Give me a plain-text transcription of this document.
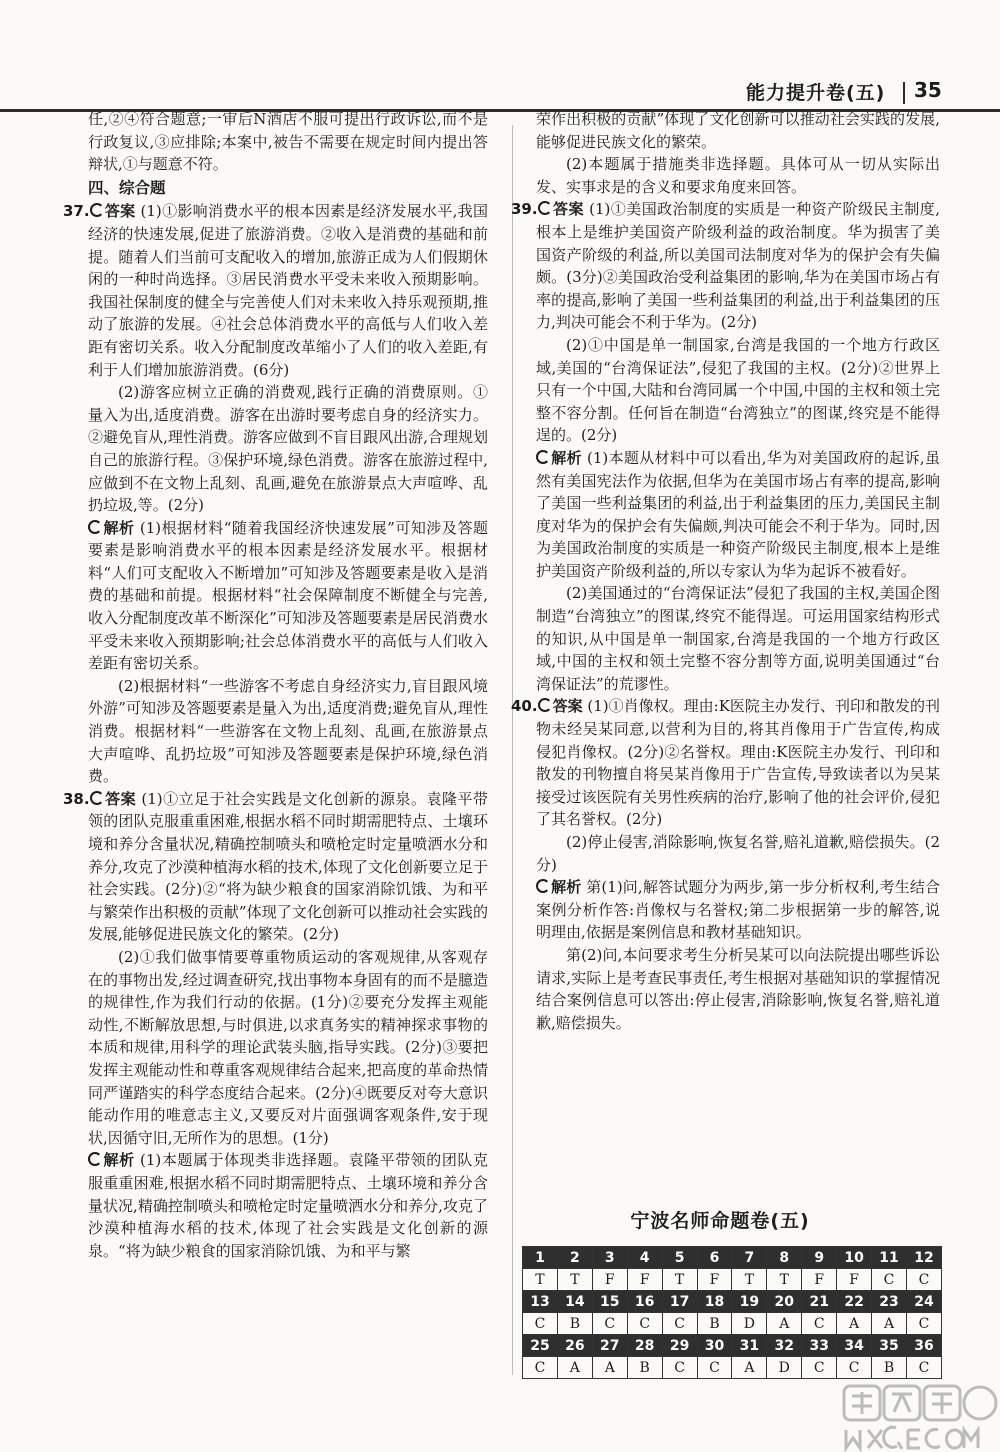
能力提升卷(五) 35

任,②④符合题意;一审后N酒店不服可提出行政诉讼,而不是行政复议,③应排除;本案中,被告不需要在规定时间内提出答辩状,①与题意不符。

四、综合题

37. 答案 (1)①影响消费水平的根本因素是经济发展水平,我国经济的快速发展,促进了旅游消费。②收入是消费的基础和前提。随着人们当前可支配收入的增加,旅游正成为人们假期休闲的一种时尚选择。③居民消费水平受未来收入预期影响。我国社保制度的健全与完善使人们对未来收入持乐观预期,推动了旅游的发展。④社会总体消费水平的高低与人们收入差距有密切关系。收入分配制度改革缩小了人们的收入差距,有利于人们增加旅游消费。(6分)

(2)游客应树立正确的消费观,践行正确的消费原则。①量入为出,适度消费。游客在出游时要考虑自身的经济实力。②避免盲从,理性消费。游客应做到不盲目跟风出游,合理规划自己的旅游行程。③保护环境,绿色消费。游客在旅游过程中,应做到不在文物上乱刻、乱画,避免在旅游景点大声喧哗、乱扔垃圾,等。(2分)

解析 (1)根据材料“随着我国经济快速发展”可知涉及答题要素是影响消费水平的根本因素是经济发展水平。根据材料“人们可支配收入不断增加”可知涉及答题要素是收入是消费的基础和前提。根据材料“社会保障制度不断健全与完善,收入分配制度改革不断深化”可知涉及答题要素是居民消费水平受未来收入预期影响;社会总体消费水平的高低与人们收入差距有密切关系。

(2)根据材料“一些游客不考虑自身经济实力,盲目跟风境外游”可知涉及答题要素是量入为出,适度消费;避免盲从,理性消费。根据材料“一些游客在文物上乱刻、乱画,在旅游景点大声喧哗、乱扔垃圾”可知涉及答题要素是保护环境,绿色消费。

38. 答案 (1)①立足于社会实践是文化创新的源泉。袁隆平带领的团队克服重重困难,根据水稻不同时期需肥特点、土壤环境和养分含量状况,精确控制喷头和喷枪定时定量喷洒水分和养分,攻克了沙漠种植海水稻的技术,体现了文化创新要立足于社会实践。(2分)②“将为缺少粮食的国家消除饥饿、为和平与繁荣作出积极的贡献”体现了文化创新可以推动社会实践的发展,能够促进民族文化的繁荣。(2分)

(2)①我们做事情要尊重物质运动的客观规律,从客观存在的事物出发,经过调查研究,找出事物本身固有的而不是臆造的规律性,作为我们行动的依据。(1分)②要充分发挥主观能动性,不断解放思想,与时俱进,以求真务实的精神探求事物的本质和规律,用科学的理论武装头脑,指导实践。(2分)③要把发挥主观能动性和尊重客观规律结合起来,把高度的革命热情同严谨踏实的科学态度结合起来。(2分)④既要反对夸大意识能动作用的唯意志主义,又要反对片面强调客观条件,安于现状,因循守旧,无所作为的思想。(1分)

解析 (1)本题属于体现类非选择题。袁隆平带领的团队克服重重困难,根据水稻不同时期需肥特点、土壤环境和养分含量状况,精确控制喷头和喷枪定时定量喷洒水分和养分,攻克了沙漠种植海水稻的技术,体现了社会实践是文化创新的源泉。“将为缺少粮食的国家消除饥饿、为和平与繁

荣作出积极的贡献”体现了文化创新可以推动社会实践的发展,能够促进民族文化的繁荣。

(2)本题属于措施类非选择题。具体可从一切从实际出发、实事求是的含义和要求角度来回答。

39. 答案 (1)①美国政治制度的实质是一种资产阶级民主制度,根本上是维护美国资产阶级利益的政治制度。华为损害了美国资产阶级的利益,所以美国司法制度对华为的保护会有失偏颇。(3分)②美国政治受利益集团的影响,华为在美国市场占有率的提高,影响了美国一些利益集团的利益,出于利益集团的压力,判决可能会不利于华为。(2分)

(2)①中国是单一制国家,台湾是我国的一个地方行政区域,美国的“台湾保证法”,侵犯了我国的主权。(2分)②世界上只有一个中国,大陆和台湾同属一个中国,中国的主权和领土完整不容分割。任何旨在制造“台湾独立”的图谋,终究是不能得逞的。(2分)

解析 (1)本题从材料中可以看出,华为对美国政府的起诉,虽然有美国宪法作为依据,但华为在美国市场占有率的提高,影响了美国一些利益集团的利益,出于利益集团的压力,美国民主制度对华为的保护会有失偏颇,判决可能会不利于华为。同时,因为美国政治制度的实质是一种资产阶级民主制度,根本上是维护美国资产阶级利益的,所以专家认为华为起诉不被看好。

(2)美国通过的“台湾保证法”侵犯了我国的主权,美国企图制造“台湾独立”的图谋,终究不能得逞。可运用国家结构形式的知识,从中国是单一制国家,台湾是我国的一个地方行政区域,中国的主权和领土完整不容分割等方面,说明美国通过“台湾保证法”的荒谬性。

40. 答案 (1)①肖像权。理由:K医院主办发行、刊印和散发的刊物未经吴某同意,以营利为目的,将其肖像用于广告宣传,构成侵犯肖像权。(2分)②名誉权。理由:K医院主办发行、刊印和散发的刊物擅自将吴某肖像用于广告宣传,导致读者以为吴某接受过该医院有关男性疾病的治疗,影响了他的社会评价,侵犯了其名誉权。(2分)

(2)停止侵害,消除影响,恢复名誉,赔礼道歉,赔偿损失。(2分)

解析 第(1)问,解答试题分为两步,第一步分析权利,考生结合案例分析作答:肖像权与名誉权;第二步根据第一步的解答,说明理由,依据是案例信息和教材基础知识。

第(2)问,本问要求考生分析吴某可以向法院提出哪些诉讼请求,实际上是考查民事责任,考生根据对基础知识的掌握情况结合案例信息可以答出:停止侵害,消除影响,恢复名誉,赔礼道歉,赔偿损失。

宁波名师命题卷(五)
1	2	3	4	5	6	7	8	9	10	11	12
T	T	F	F	T	F	T	T	F	F	C	C
13	14	15	16	17	18	19	20	21	22	23	24
C	B	C	C	C	B	D	A	C	A	A	C
25	26	27	28	29	30	31	32	33	34	35	36
C	A	A	B	C	C	A	D	C	C	B	C
